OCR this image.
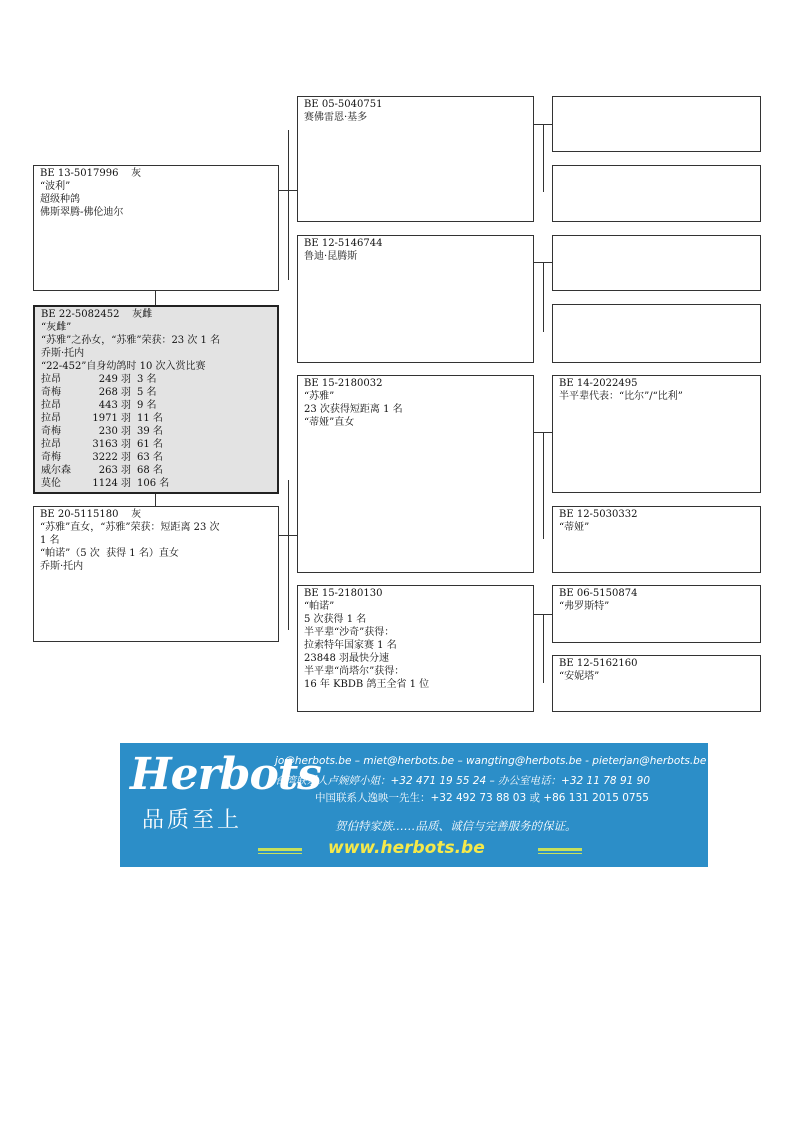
BE 13-5017996    灰
“波利”
超级种鸽
佛斯翠腾-佛伦迪尔
BE 22-5082452    灰雌
“灰雌”
“苏雅”之孙女，“苏雅”荣获：23 次 1 名
乔斯·托内
“22-452”自身幼鸽时 10 次入赏比赛
拉昂	249 羽 3 名
奇梅	268 羽 5 名
拉昂	443 羽 9 名
拉昂	1971 羽 11 名
奇梅	230 羽 39 名
拉昂	3163 羽 61 名
奇梅	3222 羽 63 名
威尔森	263 羽 68 名
莫伦	1124 羽 106 名
BE 20-5115180    灰
“苏雅”直女，“苏雅”荣获：短距离 23 次
1 名
“帕诺”（5 次  获得 1 名）直女
乔斯·托内
BE 05-5040751
赛佛雷恩·基多
BE 12-5146744
鲁迪·昆腾斯
BE 15-2180032
“苏雅”
23 次获得短距离 1 名
“蒂娅”直女
BE 15-2180130
“帕诺”
5 次获得 1 名
半平辈“沙奇”获得：
拉索特年国家赛 1 名
23848 羽最快分速
半平辈“尚塔尔”获得：
16 年 KBDB 鸽王全省 1 位
BE 14-2022495
半平辈代表：“比尔”/“比利”
BE 12-5030332
“蒂娅”
BE 06-5150874
“弗罗斯特”
BE 12-5162160
“安妮塔”
Herbots
品质至上
jo@herbots.be – miet@herbots.be – wangting@herbots.be - pieterjan@herbots.be
台湾联系人卢婉婷小姐：+32 471 19 55 24 – 办公室电话：+32 11 78 91 90
中国联系人逸映一先生：+32 492 73 88 03 或 +86 131 2015 0755
贺伯特家族……品质、诚信与完善服务的保证。
www.herbots.be
